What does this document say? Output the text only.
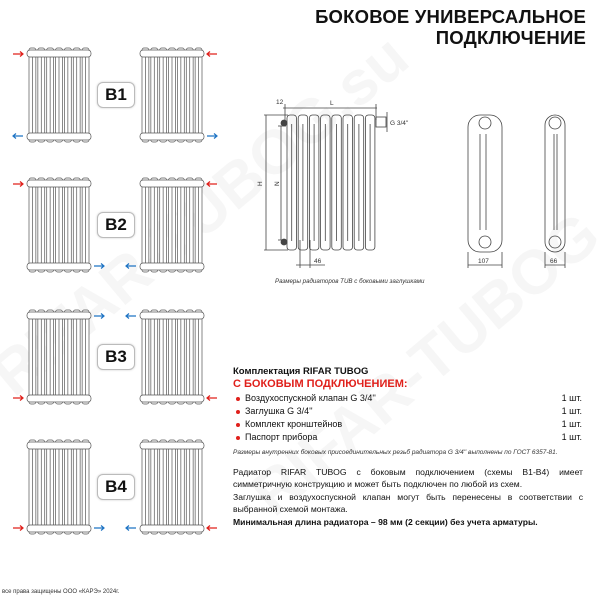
БОКОВОЕ УНИВЕРСАЛЬНОЕ
ПОДКЛЮЧЕНИЕ
B1
B2
B3
B4
12	L
G 3/4''
H N
46	107	66
Размеры радиаторов TUB с боковыми заглушками
Комплектация RIFAR TUBOG
С БОКОВЫМ ПОДКЛЮЧЕНИЕМ:
Воздухоспускной клапан G 3/4''	1 шт.
Заглушка G 3/4''	1 шт.
Комплект кронштейнов	1 шт.
Паспорт прибора	1 шт.
Размеры внутренних боковых присоединительных резьб радиатора G 3/4'' выполнены по ГОСТ 6357-81.

Радиатор RIFAR TUBOG с боковым подключением (схемы B1-B4) имеет симметричную конструкцию и может быть подключен по любой из схем.

Заглушка и воздухоспускной клапан могут быть перенесены в соответствии с выбранной схемой монтажа.

Минимальная длина радиатора – 98 мм (2 секции) без учета арматуры.

все права защищены ООО «КАРЭ» 2024г.
